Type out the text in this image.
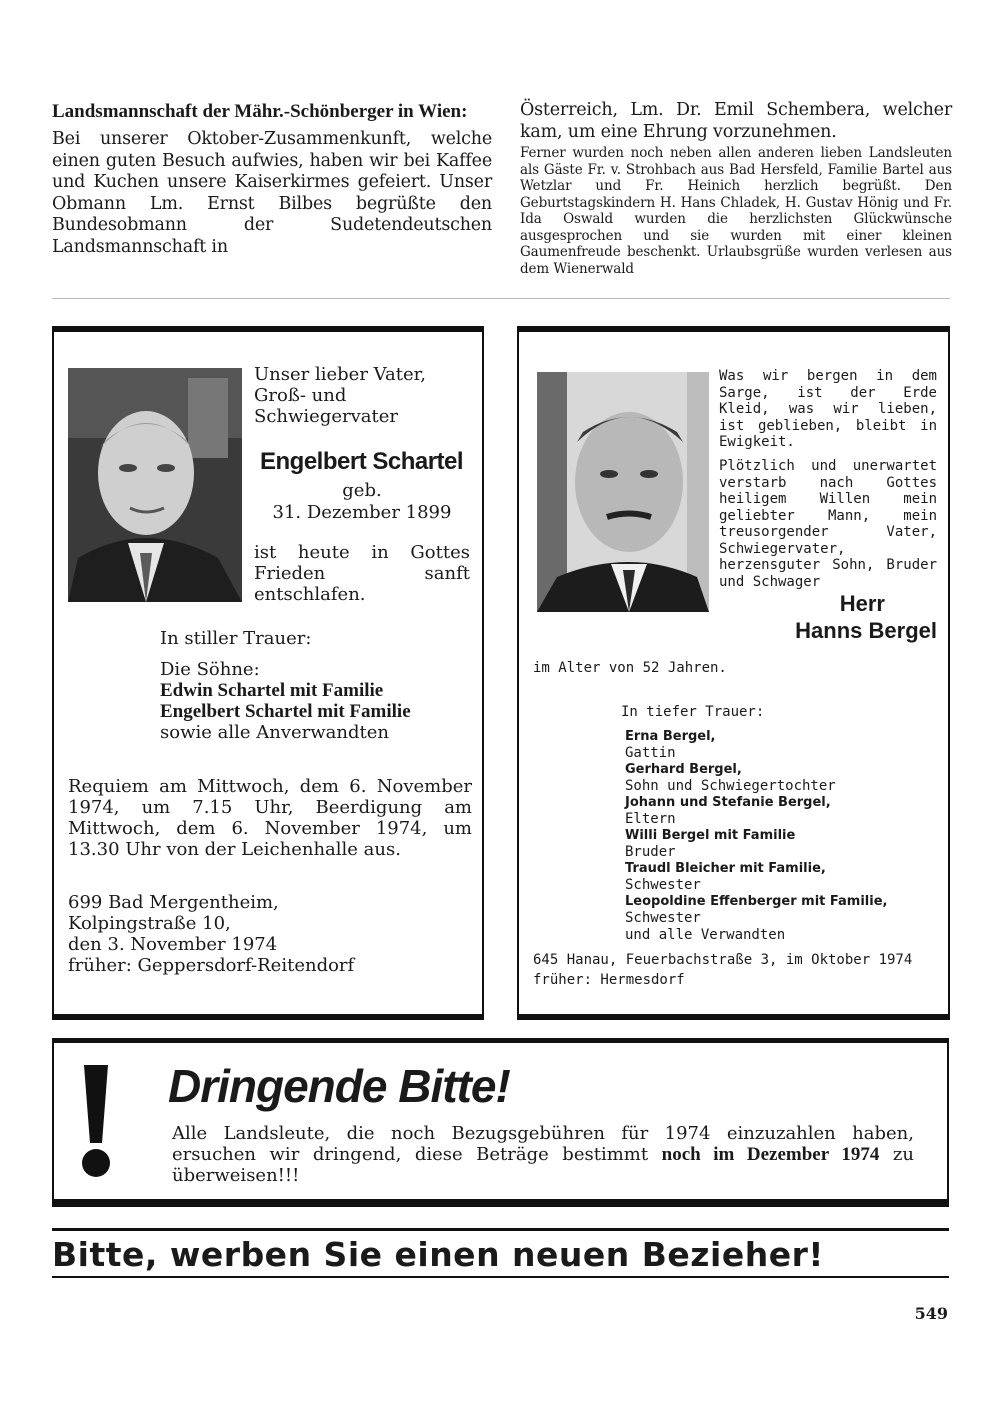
Landsmannschaft der Mähr.-Schönberger in Wien:
Bei unserer Oktober-Zusammenkunft, welche einen guten Besuch aufwies, haben wir bei Kaffee und Kuchen unsere Kaiserkirmes gefeiert. Unser Obmann Lm. Ernst Bilbes begrüßte den Bundesobmann der Sudetendeutschen Landsmannschaft in
Österreich, Lm. Dr. Emil Schembera, welcher kam, um eine Ehrung vorzunehmen.
Ferner wurden noch neben allen anderen lieben Landsleuten als Gäste Fr. v. Strohbach aus Bad Hersfeld, Familie Bartel aus Wetzlar und Fr. Heinich herzlich begrüßt. Den Geburtstagskindern H. Hans Chladek, H. Gustav Hönig und Fr. Ida Oswald wurden die herzlichsten Glückwünsche ausgesprochen und sie wurden mit einer kleinen Gaumenfreude beschenkt. Urlaubsgrüße wurden verlesen aus dem Wienerwald
Unser lieber Vater, Groß- und Schwiegervater
Engelbert Schartel
geb.
31. Dezember 1899
ist heute in Gottes Frieden sanft entschlafen.
In stiller Trauer:
Die Söhne:
Edwin Schartel mit Familie
Engelbert Schartel mit Familie
sowie alle Anverwandten
Requiem am Mittwoch, dem 6. November 1974, um 7.15 Uhr, Beerdigung am Mittwoch, dem 6. November 1974, um 13.30 Uhr von der Leichenhalle aus.
699 Bad Mergentheim,
Kolpingstraße 10,
den 3. November 1974
früher: Geppersdorf-Reitendorf
Was wir bergen in dem Sarge, ist der Erde Kleid, was wir lieben, ist geblieben, bleibt in Ewigkeit.
Plötzlich und unerwartet verstarb nach Gottes heiligem Willen mein geliebter Mann, mein treusorgender Vater, Schwiegervater, herzensguter Sohn, Bruder und Schwager
Herr
Hanns Bergel
im Alter von 52 Jahren.
In tiefer Trauer:
Erna Bergel,
Gattin
Gerhard Bergel,
Sohn und Schwiegertochter
Johann und Stefanie Bergel,
Eltern
Willi Bergel mit Familie
Bruder
Traudl Bleicher mit Familie,
Schwester
Leopoldine Effenberger mit Familie,
Schwester
und alle Verwandten
645 Hanau, Feuerbachstraße 3, im Oktober 1974
früher: Hermesdorf
Dringende Bitte!
Alle Landsleute, die noch Bezugsgebühren für 1974 einzuzahlen haben, ersuchen wir dringend, diese Beträge bestimmt noch im Dezember 1974 zu überweisen!!!
Bitte, werben Sie einen neuen Bezieher!
549
